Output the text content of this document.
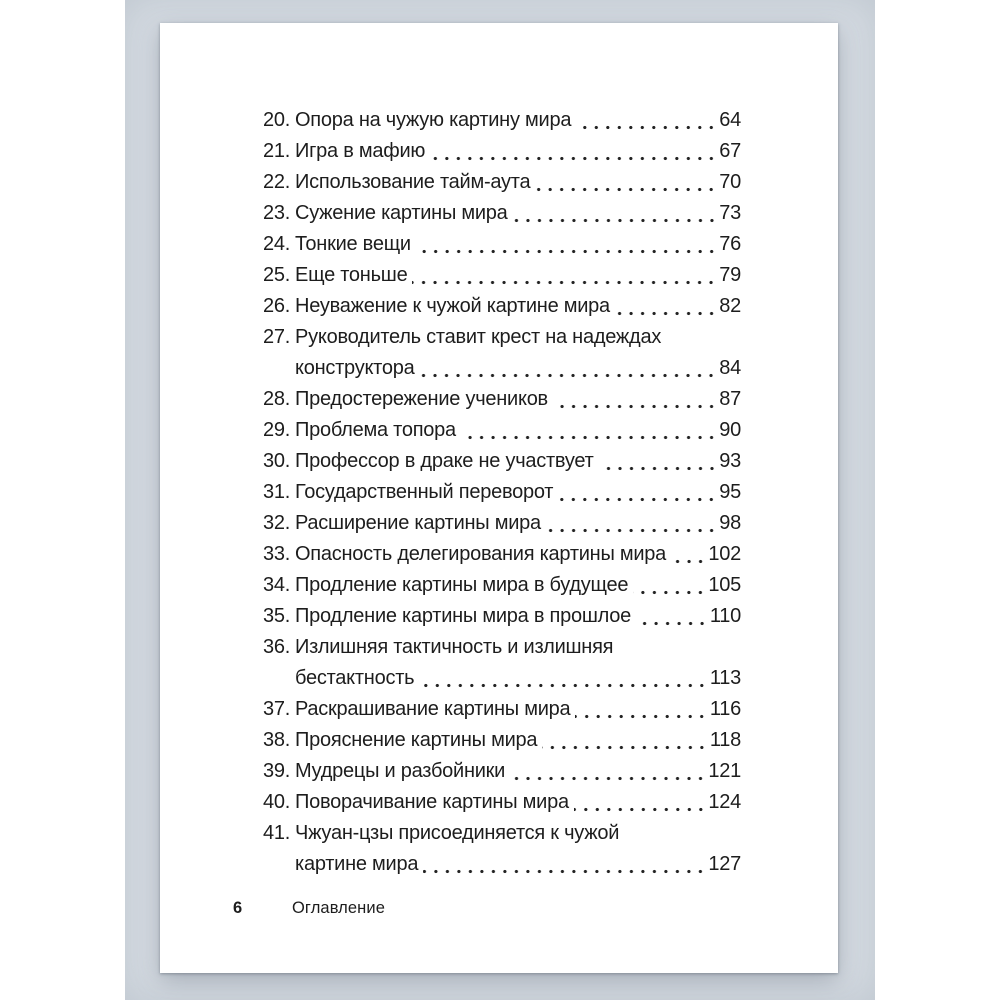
20. Опора на чужую картину мира	64
21. Игра в мафию	67
22. Использование тайм-аута	70
23. Сужение картины мира	73
24. Тонкие вещи	76
25. Еще тоньше	79
26. Неуважение к чужой картине мира	82
27. Руководитель ставит крест на надеждах
конструктора	84
28. Предостережение учеников	87
29. Проблема топора	90
30. Профессор в драке не участвует	93
31. Государственный переворот	95
32. Расширение картины мира	98
33. Опасность делегирования картины мира 102
34. Продление картины мира в будущее	105
35. Продление картины мира в прошлое	110
36. Излишняя тактичность и излишняя
бестактность	113
37. Раскрашивание картины мира	116
38. Прояснение картины мира	118
39. Мудрецы и разбойники	121
40. Поворачивание картины мира	124
41. Чжуан-цзы присоединяется к чужой
картине мира	127
6	Оглавление
